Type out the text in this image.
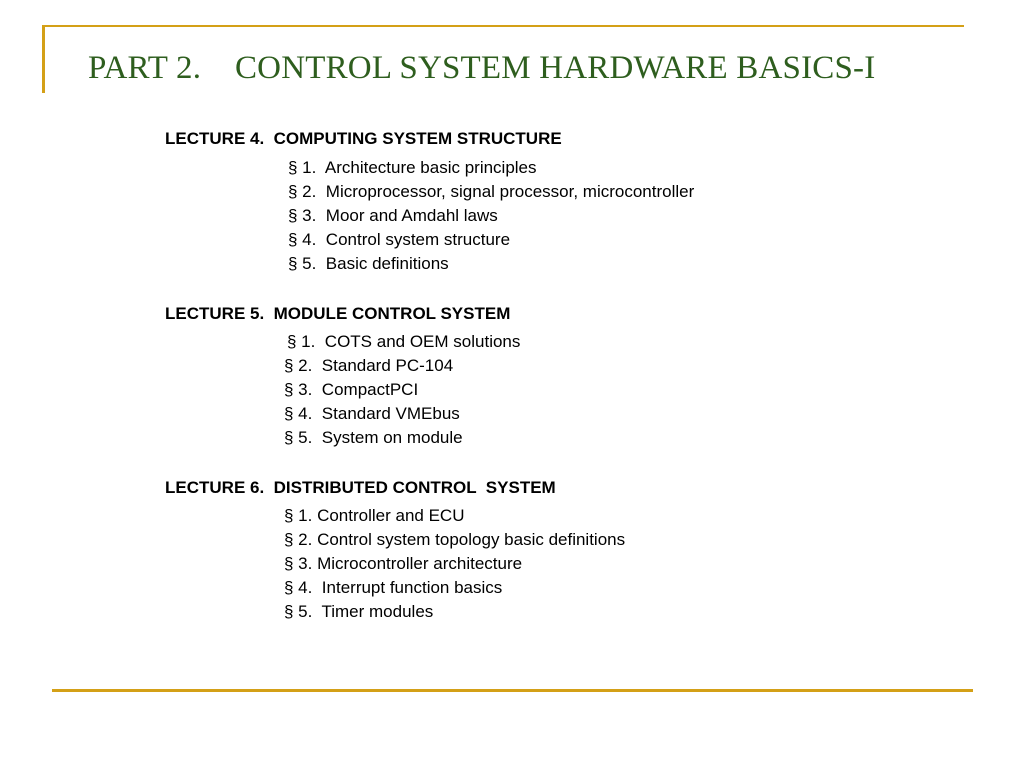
PART 2.    CONTROL SYSTEM HARDWARE BASICS-I

LECTURE 4.  COMPUTING SYSTEM STRUCTURE

§ 1.  Architecture basic principles

§ 2.  Microprocessor, signal processor, microcontroller

§ 3.  Moor and Amdahl laws

§ 4.  Control system structure

§ 5.  Basic definitions

LECTURE 5.  MODULE CONTROL SYSTEM

§ 1.  COTS and OEM solutions

§ 2.  Standard PC-104

§ 3.  CompactPCI

§ 4.  Standard VMEbus

§ 5.  System on module

LECTURE 6.  DISTRIBUTED CONTROL  SYSTEM

§ 1. Controller and ECU

§ 2. Control system topology basic definitions

§ 3. Microcontroller architecture

§ 4.  Interrupt function basics

§ 5.  Timer modules
